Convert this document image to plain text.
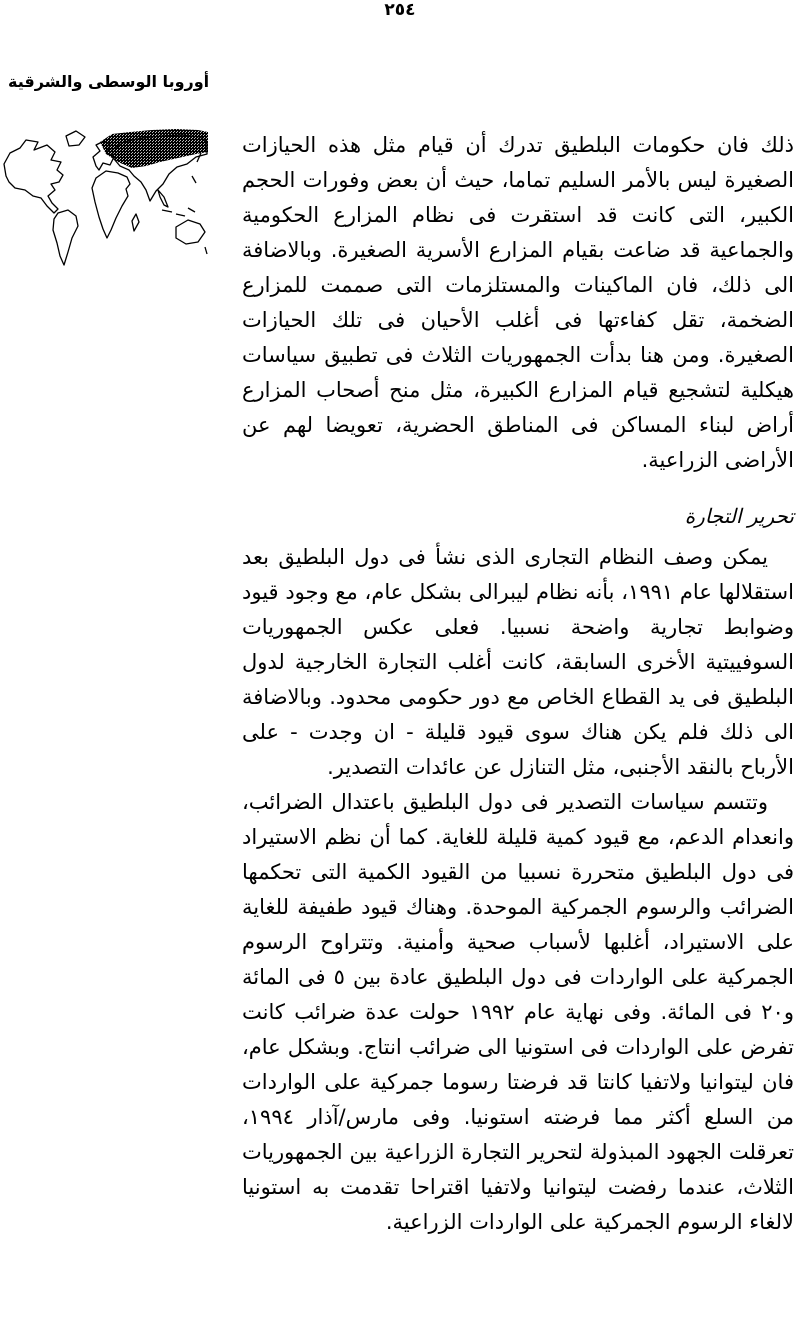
٢٥٤
أوروبا الوسطى والشرقية

ذلك فان حكومات البلطيق تدرك أن قيام مثل هذه الحيازات الصغيرة ليس بالأمر السليم تماما، حيث أن بعض وفورات الحجم الكبير، التى كانت قد استقرت فى نظام المزارع الحكومية والجماعية قد ضاعت بقيام المزارع الأسرية الصغيرة. وبالاضافة الى ذلك، فان الماكينات والمستلزمات التى صممت للمزارع الضخمة، تقل كفاءتها فى أغلب الأحيان فى تلك الحيازات الصغيرة. ومن هنا بدأت الجمهوريات الثلاث فى تطبيق سياسات هيكلية لتشجيع قيام المزارع الكبيرة، مثل منح أصحاب المزارع أراض لبناء المساكن فى المناطق الحضرية، تعويضا لهم عن الأراضى الزراعية.

تحرير التجارة

يمكن وصف النظام التجارى الذى نشأ فى دول البلطيق بعد استقلالها عام ١٩٩١، بأنه نظام ليبرالى بشكل عام، مع وجود قيود وضوابط تجارية واضحة نسبيا. فعلى عكس الجمهوريات السوفييتية الأخرى السابقة، كانت أغلب التجارة الخارجية لدول البلطيق فى يد القطاع الخاص مع دور حكومى محدود. وبالاضافة الى ذلك فلم يكن هناك سوى قيود قليلة - ان وجدت - على الأرباح بالنقد الأجنبى، مثل التنازل عن عائدات التصدير.

وتتسم سياسات التصدير فى دول البلطيق باعتدال الضرائب، وانعدام الدعم، مع قيود كمية قليلة للغاية. كما أن نظم الاستيراد فى دول البلطيق متحررة نسبيا من القيود الكمية التى تحكمها الضرائب والرسوم الجمركية الموحدة. وهناك قيود طفيفة للغاية على الاستيراد، أغلبها لأسباب صحية وأمنية. وتتراوح الرسوم الجمركية على الواردات فى دول البلطيق عادة بين ٥ فى المائة و٢٠ فى المائة. وفى نهاية عام ١٩٩٢ حولت عدة ضرائب كانت تفرض على الواردات فى استونيا الى ضرائب انتاج. وبشكل عام، فان ليتوانيا ولاتفيا كانتا قد فرضتا رسوما جمركية على الواردات من السلع أكثر مما فرضته استونيا. وفى مارس/آذار ١٩٩٤، تعرقلت الجهود المبذولة لتحرير التجارة الزراعية بين الجمهوريات الثلاث، عندما رفضت ليتوانيا ولاتفيا اقتراحا تقدمت به استونيا لالغاء الرسوم الجمركية على الواردات الزراعية.
